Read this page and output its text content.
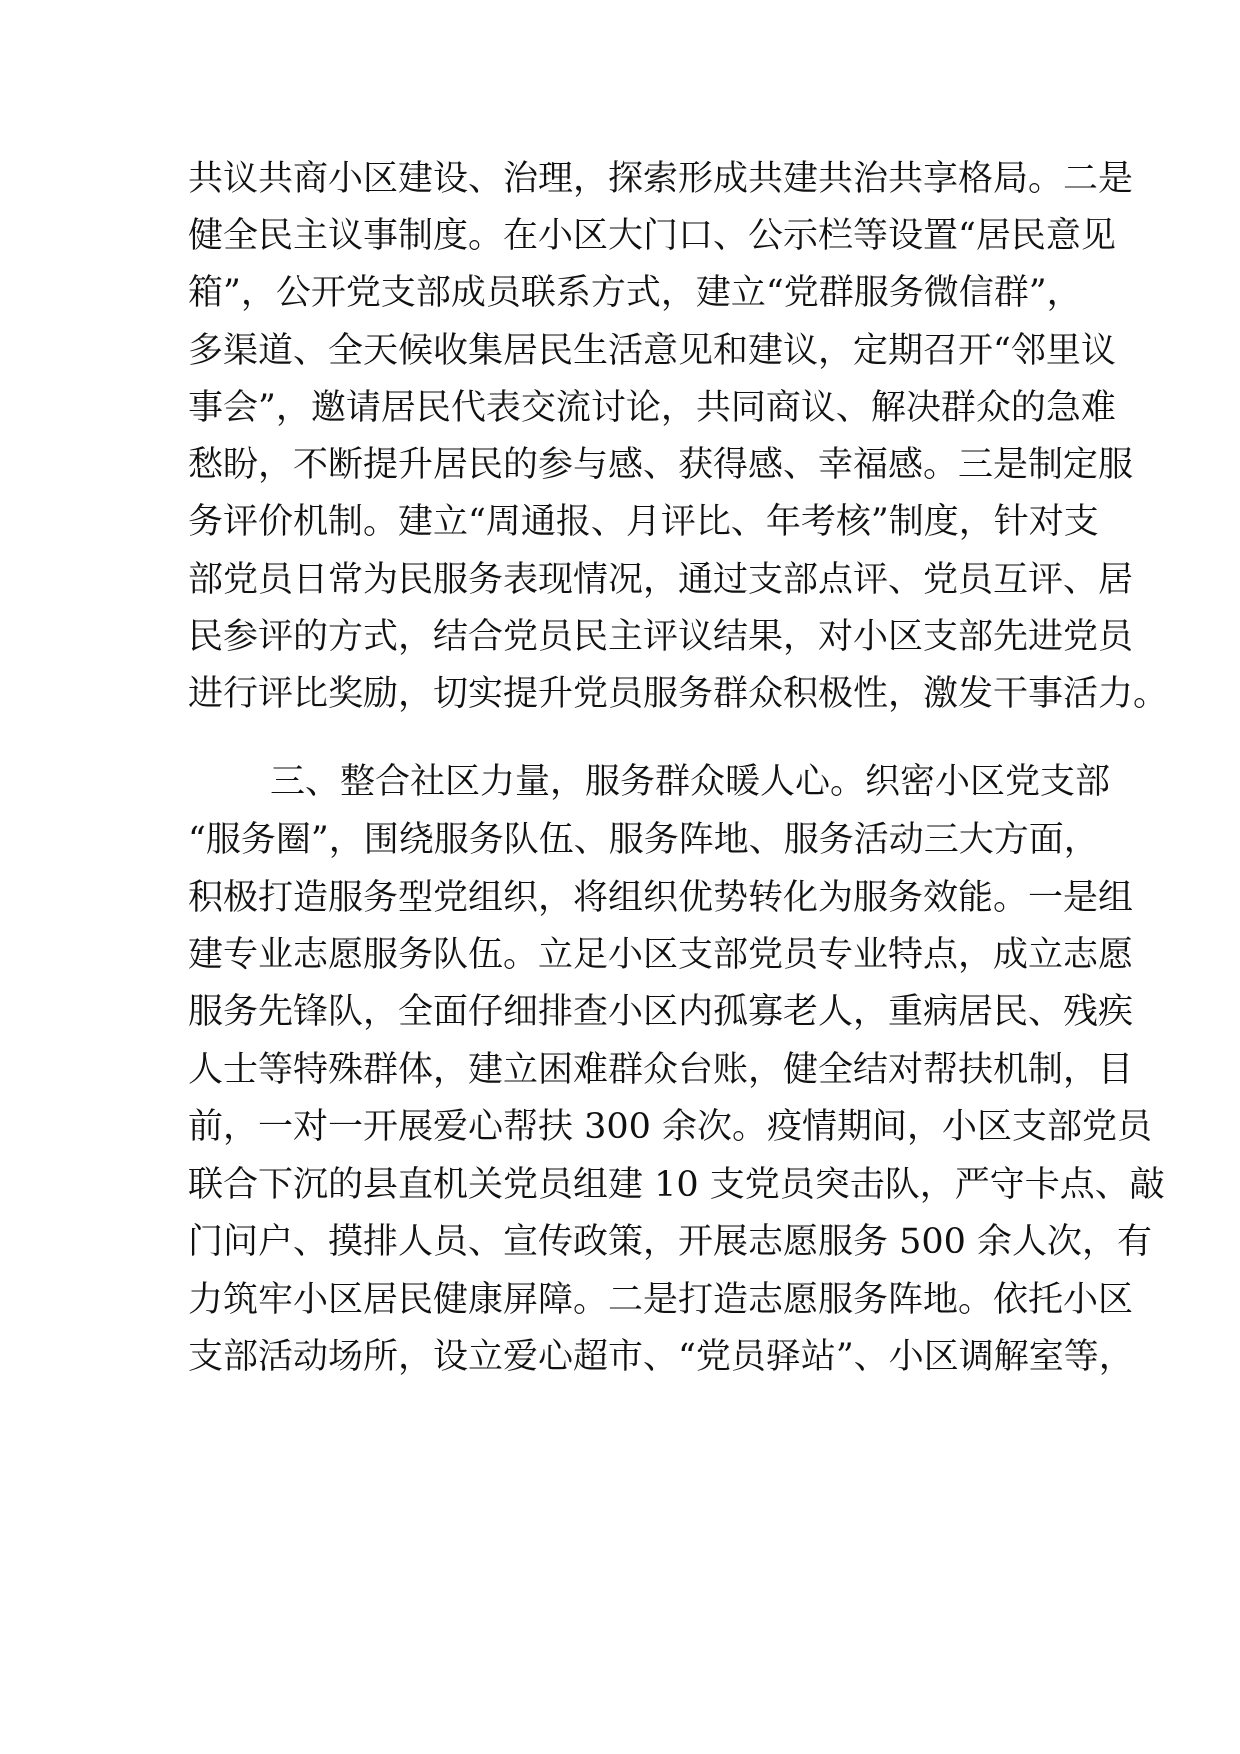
共议共商小区建设、治理，探索形成共建共治共享格局。二是
健全民主议事制度。在小区大门口、公示栏等设置“居民意见
箱”，公开党支部成员联系方式，建立“党群服务微信群”，
多渠道、全天候收集居民生活意见和建议，定期召开“邻里议
事会”，邀请居民代表交流讨论，共同商议、解决群众的急难
愁盼，不断提升居民的参与感、获得感、幸福感。三是制定服
务评价机制。建立“周通报、月评比、年考核”制度，针对支
部党员日常为民服务表现情况，通过支部点评、党员互评、居
民参评的方式，结合党员民主评议结果，对小区支部先进党员
进行评比奖励，切实提升党员服务群众积极性，激发干事活力。
三、整合社区力量，服务群众暖人心。织密小区党支部
“服务圈”，围绕服务队伍、服务阵地、服务活动三大方面，
积极打造服务型党组织，将组织优势转化为服务效能。一是组
建专业志愿服务队伍。立足小区支部党员专业特点，成立志愿
服务先锋队，全面仔细排查小区内孤寡老人，重病居民、残疾
人士等特殊群体，建立困难群众台账，健全结对帮扶机制，目
前，一对一开展爱心帮扶 300 余次。疫情期间，小区支部党员
联合下沉的县直机关党员组建 10 支党员突击队，严守卡点、敲
门问户、摸排人员、宣传政策，开展志愿服务 500 余人次，有
力筑牢小区居民健康屏障。二是打造志愿服务阵地。依托小区
支部活动场所，设立爱心超市、“党员驿站”、小区调解室等，
